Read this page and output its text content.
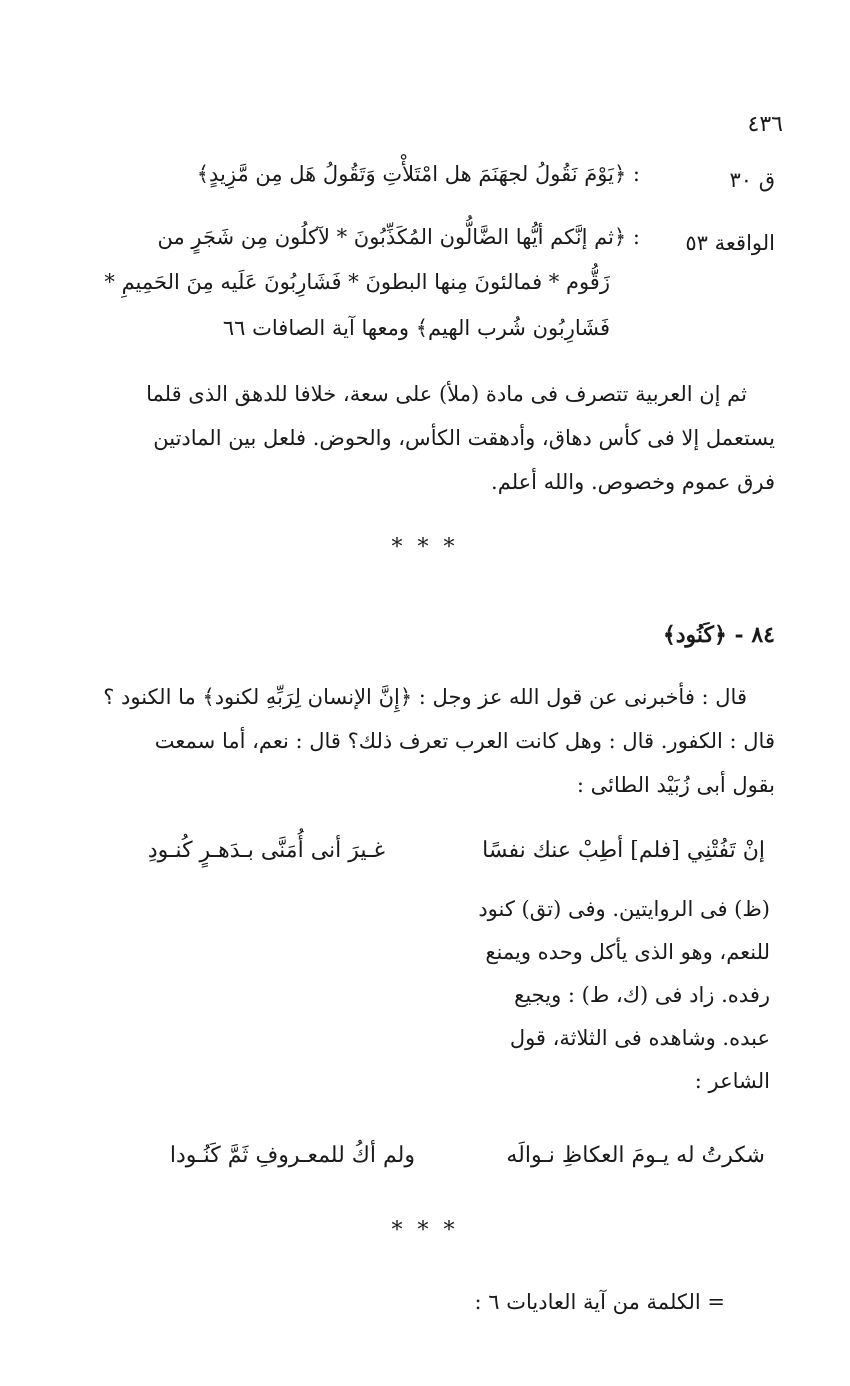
٤٣٦
ق ٣٠
: ﴿يَوْمَ نَقُولُ لجهَنَمَ هل امْتَلأْتِ وَتَقُولُ هَل مِن مَّزِيدٍ﴾
الواقعة ٥٣
: ﴿ثم إنَّكم أيُّها الضَّالُّون المُكَذِّبُونَ * لآكلُون مِن شَجَرٍ من
زَقُّوم * فمالئونَ مِنها البطونَ * فَشَارِبُونَ عَلَيه مِنَ الحَمِيمِ *
فَشَارِبُون شُرب الهيم﴾ ومعها آية الصافات ٦٦
ثم إن العربية تتصرف فى مادة (ملأ) على سعة، خلافا للدهق الذى قلما
يستعمل إلا فى كأس دهاق، وأدهقت الكأس، والحوض. فلعل بين المادتين
فرق عموم وخصوص. والله أعلم.
* * *
٨٤ - ﴿كَنُود﴾
قال : فأخبرنى عن قول الله عز وجل : ﴿إِنَّ الإنسان لِرَبِّهِ لكنود﴾ ما الكنود ؟
قال : الكفور. قال : وهل كانت العرب تعرف ذلك؟ قال : نعم، أما سمعت
بقول أبى زُبَيْد الطائى :
إنْ تَفُتْنِي [فلم] أطِبْ عنك نفسًا
غـيرَ أنى أُمَنَّى بـدَهـرٍ كُنـودِ
(ظ) فى الروايتين. وفى (تق) كنود
للنعم، وهو الذى يأكل وحده ويمنع
رفده. زاد فى (ك، ط) : ويجيع
عبده. وشاهده فى الثلاثة، قول
الشاعر :
شكرتُ له يـومَ العكاظِ نـوالَه
ولم أكُ للمعـروفِ ثَمَّ كَنُـودا
* * *
= الكلمة من آية العاديات ٦ :
